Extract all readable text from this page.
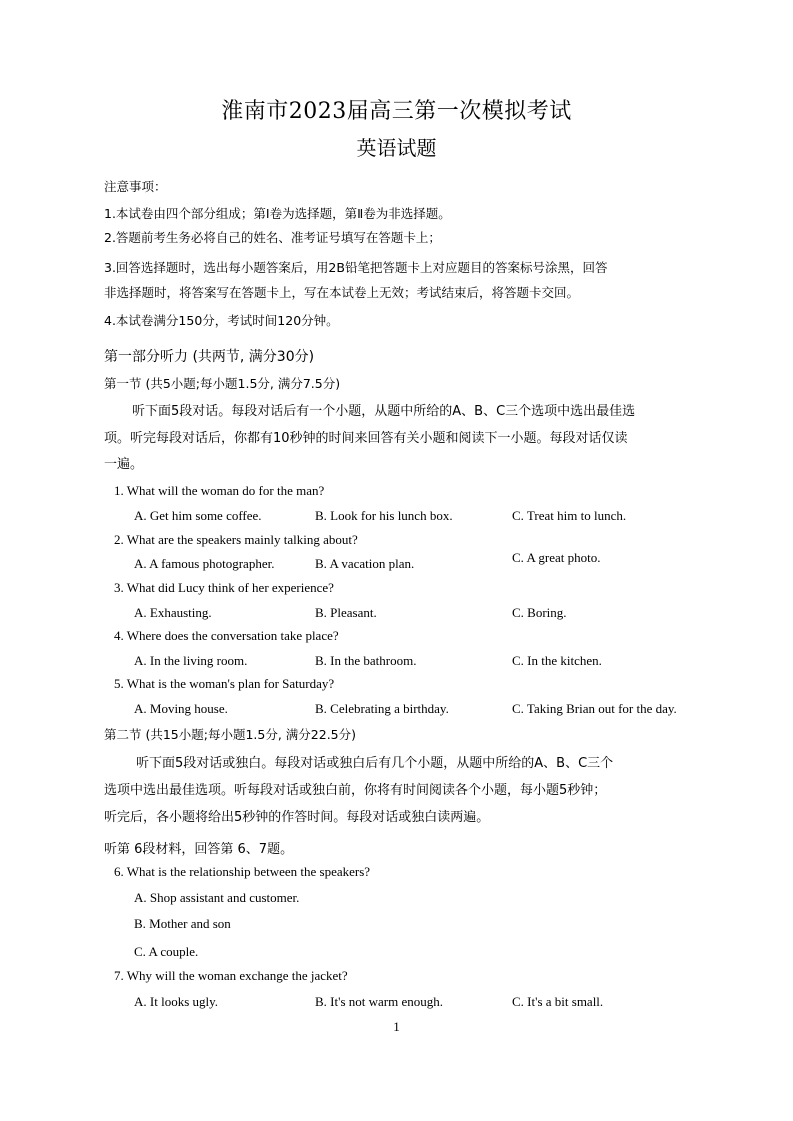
淮南市2023届高三第一次模拟考试
英语试题
注意事项：
1.本试卷由四个部分组成；第Ⅰ卷为选择题，第Ⅱ卷为非选择题。
2.答题前考生务必将自己的姓名、准考证号填写在答题卡上；
3.回答选择题时，选出每小题答案后，用2B铅笔把答题卡上对应题目的答案标号涂黑，回答
非选择题时，将答案写在答题卡上，写在本试卷上无效；考试结束后，将答题卡交回。
4.本试卷满分150分，考试时间120分钟。
第一部分听力 (共两节, 满分30分)
第一节 (共5小题;每小题1.5分, 满分7.5分)
听下面5段对话。每段对话后有一个小题，从题中所给的A、B、C三个选项中选出最佳选
项。听完每段对话后，你都有10秒钟的时间来回答有关小题和阅读下一小题。每段对话仅读
一遍。
1. What will the woman do for the man?
A. Get him some coffee.	B. Look for his lunch box.	C. Treat him to lunch.
2. What are the speakers mainly talking about?
A. A famous photographer.	B. A vacation plan.	C. A great photo.
3. What did Lucy think of her experience?
A. Exhausting.	B. Pleasant.	C. Boring.
4. Where does the conversation take place?
A. In the living room.	B. In the bathroom.	C. In the kitchen.
5. What is the woman's plan for Saturday?
A. Moving house.	B. Celebrating a birthday.	C. Taking Brian out for the day.
第二节 (共15小题;每小题1.5分, 满分22.5分)
听下面5段对话或独白。每段对话或独白后有几个小题，从题中所给的A、B、C三个
选项中选出最佳选项。听每段对话或独白前，你将有时间阅读各个小题，每小题5秒钟；
听完后，各小题将给出5秒钟的作答时间。每段对话或独白读两遍。
听第 6段材料，回答第 6、7题。
6. What is the relationship between the speakers?
A. Shop assistant and customer.
B. Mother and son
C. A couple.
7. Why will the woman exchange the jacket?
A. It looks ugly.	B. It's not warm enough.	C. It's a bit small.
1
